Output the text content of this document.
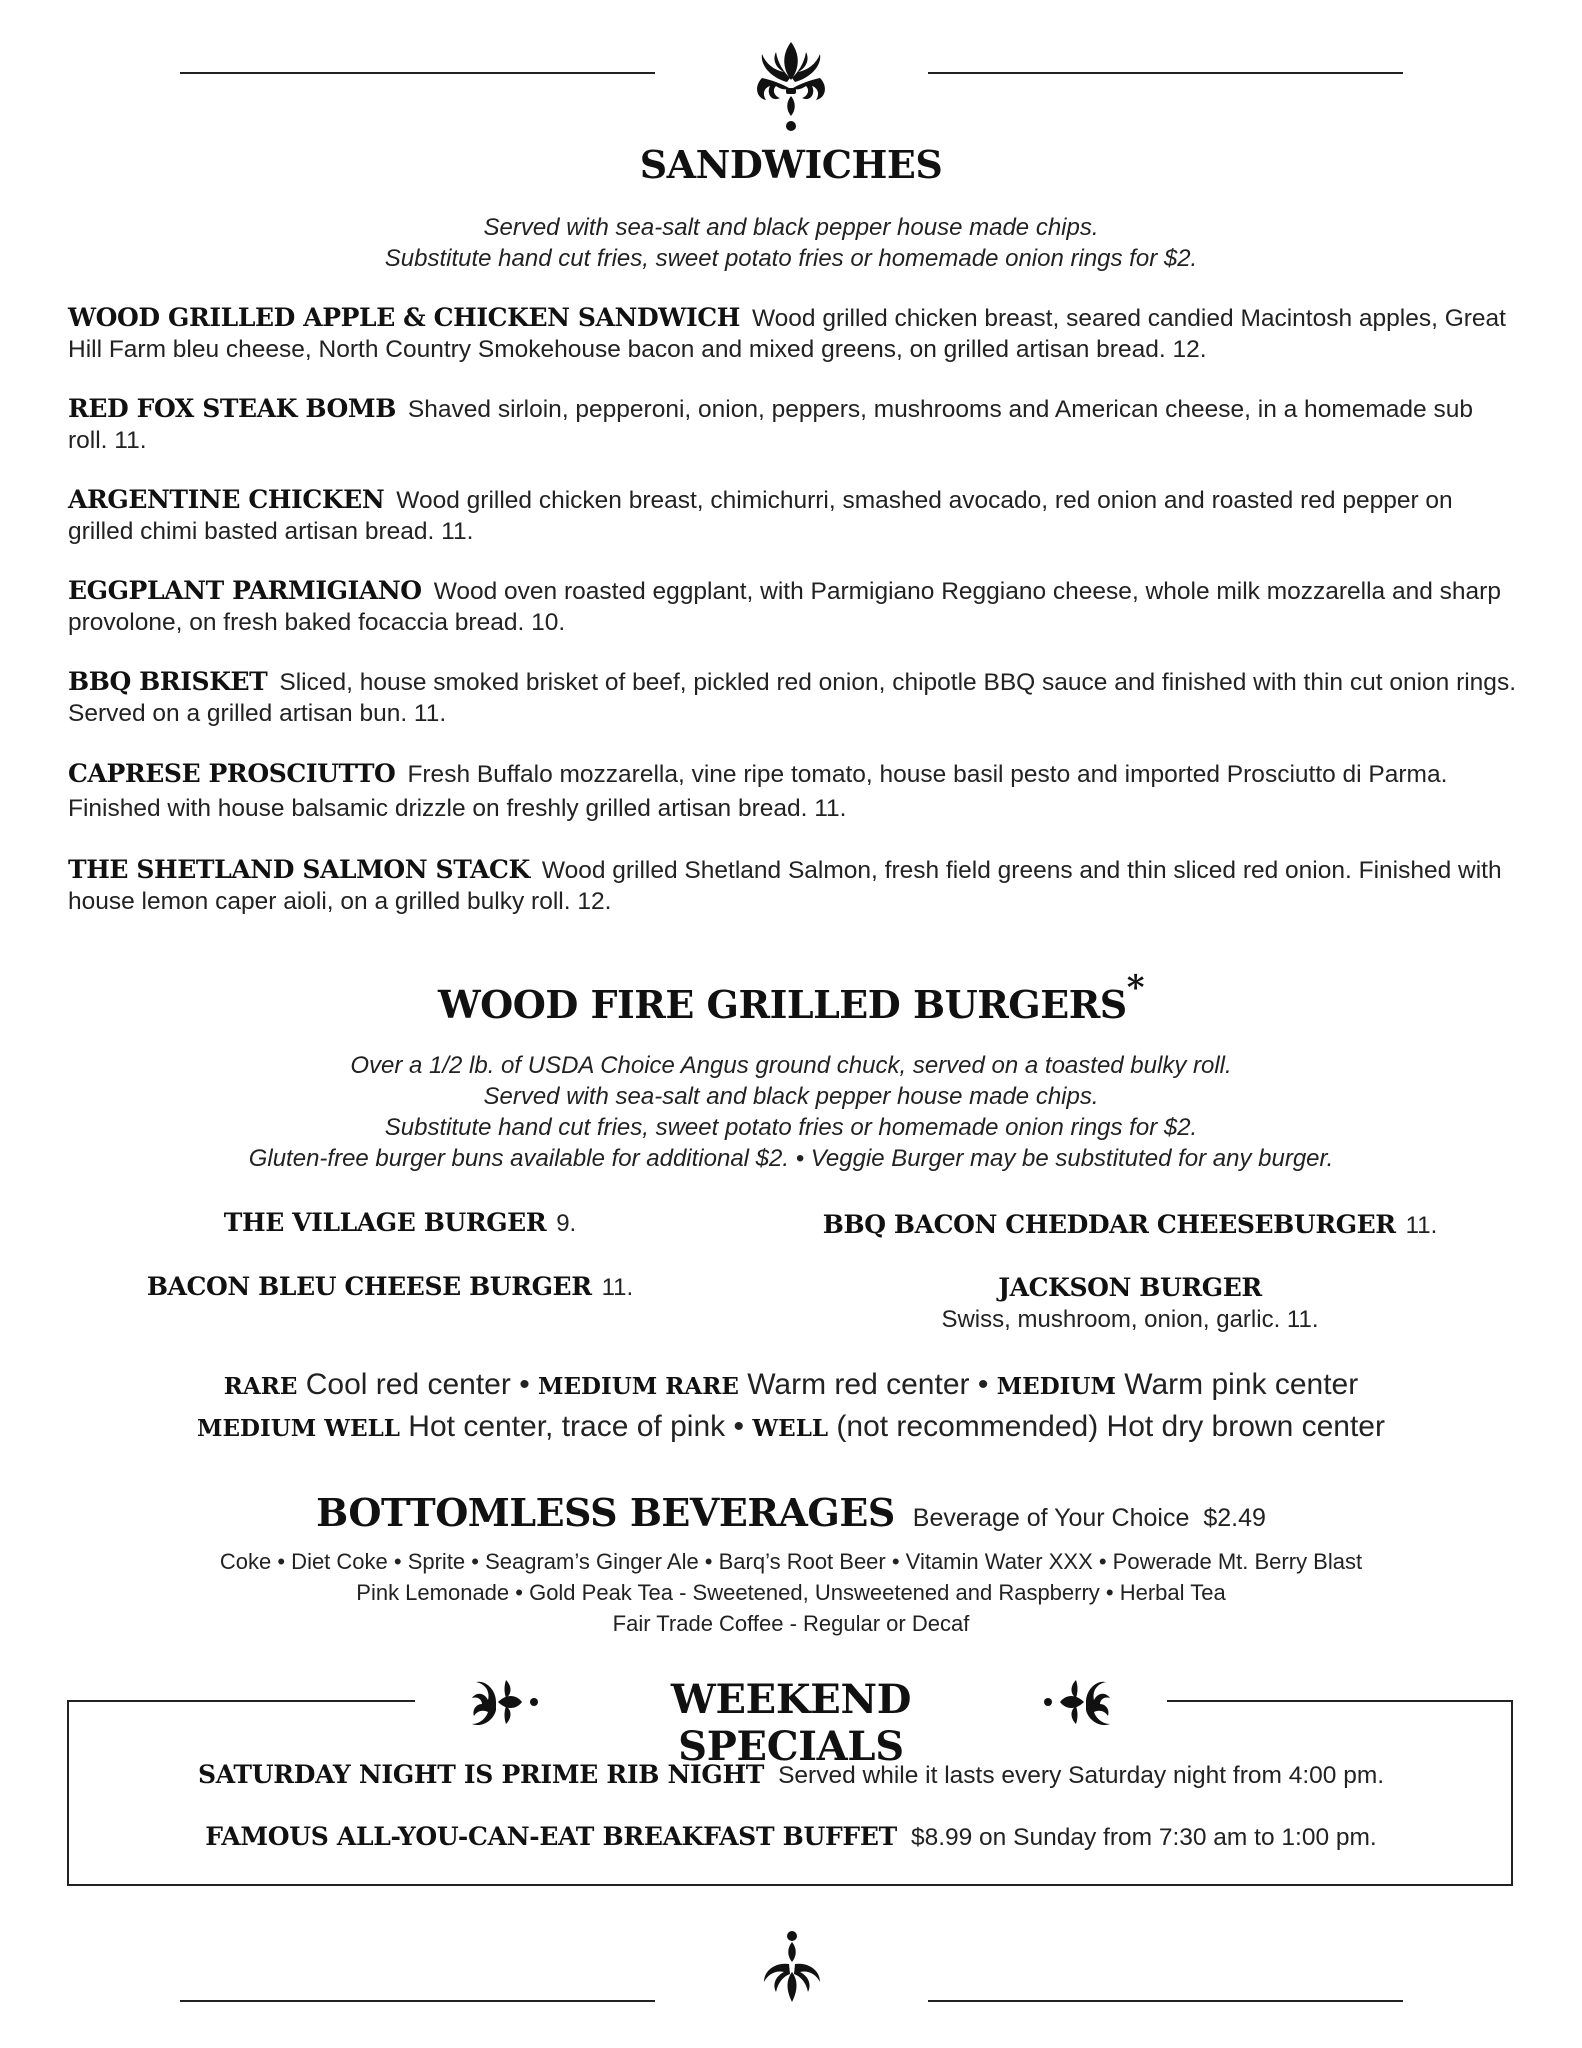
SANDWICHES
Served with sea-salt and black pepper house made chips.
Substitute hand cut fries, sweet potato fries or homemade onion rings for $2.
WOOD GRILLED APPLE & CHICKEN SANDWICH Wood grilled chicken breast, seared candied Macintosh apples, Great Hill Farm bleu cheese, North Country Smokehouse bacon and mixed greens, on grilled artisan bread. 12.
RED FOX STEAK BOMB Shaved sirloin, pepperoni, onion, peppers, mushrooms and American cheese, in a homemade sub roll. 11.
ARGENTINE CHICKEN Wood grilled chicken breast, chimichurri, smashed avocado, red onion and roasted red pepper on grilled chimi basted artisan bread. 11.
EGGPLANT PARMIGIANO Wood oven roasted eggplant, with Parmigiano Reggiano cheese, whole milk mozzarella and sharp provolone, on fresh baked focaccia bread. 10.
BBQ BRISKET Sliced, house smoked brisket of beef, pickled red onion, chipotle BBQ sauce and finished with thin cut onion rings. Served on a grilled artisan bun. 11.
CAPRESE PROSCIUTTO Fresh Buffalo mozzarella, vine ripe tomato, house basil pesto and imported Prosciutto di Parma. Finished with house balsamic drizzle on freshly grilled artisan bread. 11.
THE SHETLAND SALMON STACK Wood grilled Shetland Salmon, fresh field greens and thin sliced red onion. Finished with house lemon caper aioli, on a grilled bulky roll. 12.
WOOD FIRE GRILLED BURGERS*
Over a 1/2 lb. of USDA Choice Angus ground chuck, served on a toasted bulky roll.
Served with sea-salt and black pepper house made chips.
Substitute hand cut fries, sweet potato fries or homemade onion rings for $2.
Gluten-free burger buns available for additional $2. • Veggie Burger may be substituted for any burger.
THE VILLAGE BURGER 9.	BBQ BACON CHEDDAR CHEESEBURGER 11.
BACON BLEU CHEESE BURGER 11.	JACKSON BURGER
Swiss, mushroom, onion, garlic. 11.
RARE Cool red center • MEDIUM RARE Warm red center • MEDIUM Warm pink center
MEDIUM WELL Hot center, trace of pink • WELL (not recommended) Hot dry brown center
BOTTOMLESS BEVERAGES Beverage of Your Choice $2.49
Coke • Diet Coke • Sprite • Seagram’s Ginger Ale • Barq’s Root Beer • Vitamin Water XXX • Powerade Mt. Berry Blast
Pink Lemonade • Gold Peak Tea - Sweetened, Unsweetened and Raspberry • Herbal Tea
Fair Trade Coffee - Regular or Decaf
WEEKEND SPECIALS
SATURDAY NIGHT IS PRIME RIB NIGHT Served while it lasts every Saturday night from 4:00 pm.
FAMOUS ALL-YOU-CAN-EAT BREAKFAST BUFFET $8.99 on Sunday from 7:30 am to 1:00 pm.
